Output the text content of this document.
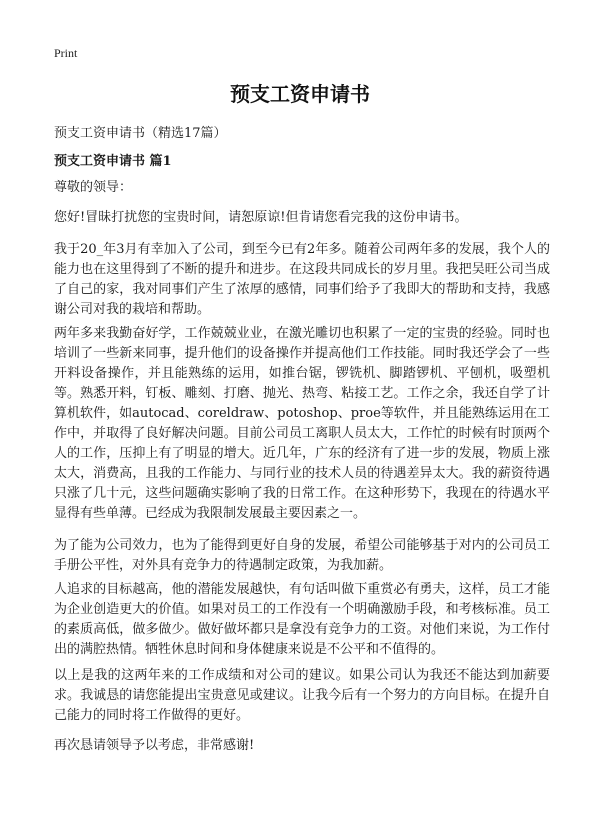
Print
预支工资申请书
预支工资申请书（精选17篇）
预支工资申请书 篇1

尊敬的领导：

您好!冒昧打扰您的宝贵时间，请恕原谅!但肯请您看完我的这份申请书。

我于20_年3月有幸加入了公司，到至今已有2年多。随着公司两年多的发展，我个人的能力也在这里得到了不断的提升和进步。在这段共同成长的岁月里。我把吴旺公司当成了自己的家，我对同事们产生了浓厚的感情，同事们给予了我即大的帮助和支持，我感谢公司对我的栽培和帮助。

两年多来我勤奋好学，工作兢兢业业，在激光雕切也积累了一定的宝贵的经验。同时也培训了一些新来同事，提升他们的设备操作并提高他们工作技能。同时我还学会了一些开料设备操作，并且能熟练的运用，如推台锯，锣铣机、脚踏锣机、平刨机，吸塑机等。熟悉开料，钉板、雕刻、打磨、抛光、热弯、粘接工艺。工作之余，我还自学了计算机软件，如autocad、coreldraw、potoshop、proe等软件，并且能熟练运用在工作中，并取得了良好解决问题。目前公司员工离职人员太大，工作忙的时候有时顶两个人的工作，压抑上有了明显的增大。近几年，广东的经济有了进一步的发展，物质上涨太大，消费高，且我的工作能力、与同行业的技术人员的待遇差异太大。我的薪资待遇只涨了几十元，这些问题确实影响了我的日常工作。在这种形势下，我现在的待遇水平显得有些单薄。已经成为我限制发展最主要因素之一。

为了能为公司效力，也为了能得到更好自身的发展，希望公司能够基于对内的公司员工手册公平性，对外具有竞争力的待遇制定政策，为我加薪。

人追求的目标越高，他的潜能发展越快，有句话叫做下重赏必有勇夫，这样，员工才能为企业创造更大的价值。如果对员工的工作没有一个明确激励手段，和考核标准。员工的素质高低，做多做少。做好做坏都只是拿没有竞争力的工资。对他们来说，为工作付出的满腔热情。牺牲休息时间和身体健康来说是不公平和不值得的。

以上是我的这两年来的工作成绩和对公司的建议。如果公司认为我还不能达到加薪要求。我诚恳的请您能提出宝贵意见或建议。让我今后有一个努力的方向目标。在提升自己能力的同时将工作做得的更好。

再次恳请领导予以考虑，非常感谢!
